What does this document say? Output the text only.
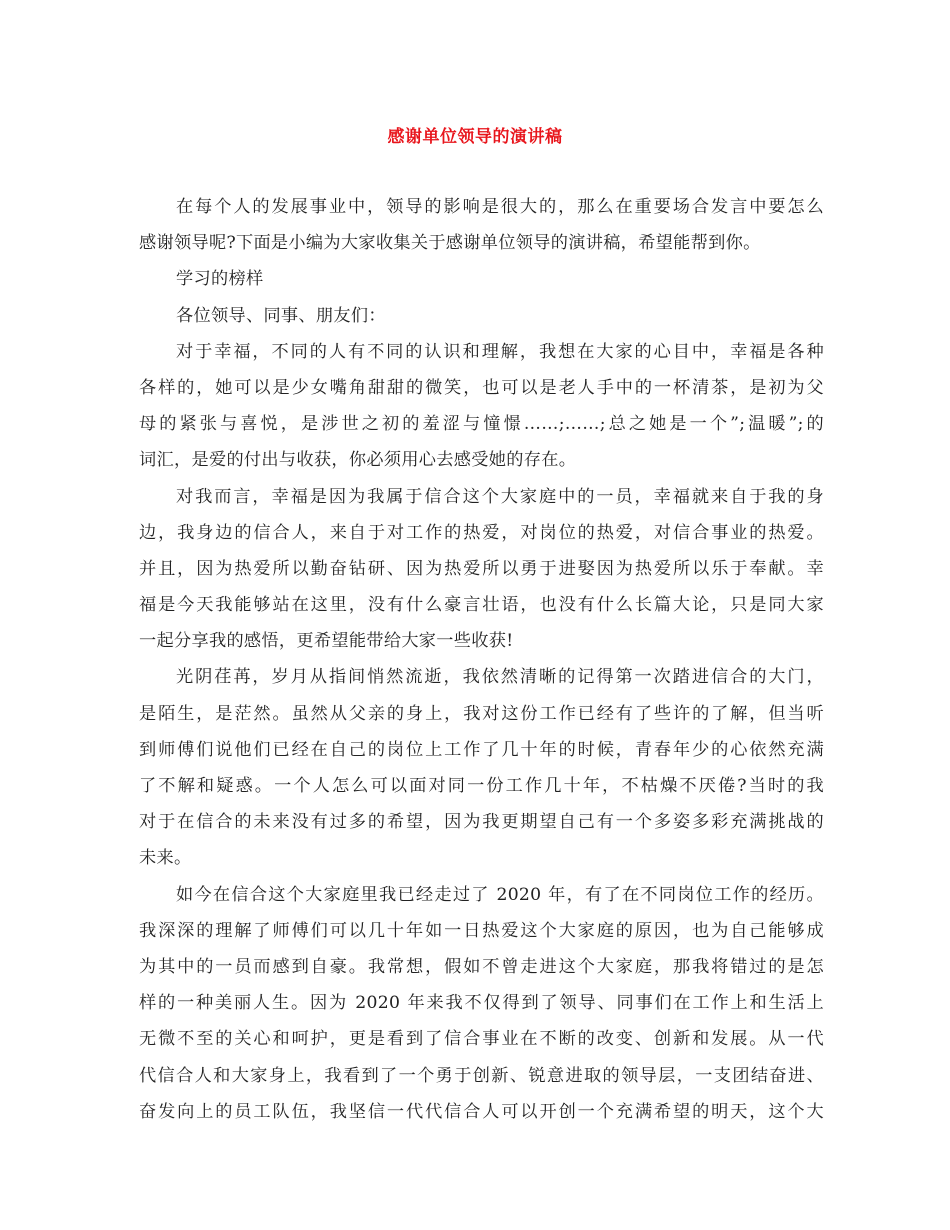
感谢单位领导的演讲稿
在每个人的发展事业中，领导的影响是很大的，那么在重要场合发言中要怎么
感谢领导呢?下面是小编为大家收集关于感谢单位领导的演讲稿，希望能帮到你。
学习的榜样
各位领导、同事、朋友们：
对于幸福，不同的人有不同的认识和理解，我想在大家的心目中，幸福是各种
各样的，她可以是少女嘴角甜甜的微笑，也可以是老人手中的一杯清茶，是初为父
母的紧张与喜悦，是涉世之初的羞涩与憧憬……;……;总之她是一个”;温暖”;的
词汇，是爱的付出与收获，你必须用心去感受她的存在。
对我而言，幸福是因为我属于信合这个大家庭中的一员，幸福就来自于我的身
边，我身边的信合人，来自于对工作的热爱，对岗位的热爱，对信合事业的热爱。
并且，因为热爱所以勤奋钻研、因为热爱所以勇于进娶因为热爱所以乐于奉献。幸
福是今天我能够站在这里，没有什么豪言壮语，也没有什么长篇大论，只是同大家
一起分享我的感悟，更希望能带给大家一些收获!
光阴荏苒，岁月从指间悄然流逝，我依然清晰的记得第一次踏进信合的大门，
是陌生，是茫然。虽然从父亲的身上，我对这份工作已经有了些许的了解，但当听
到师傅们说他们已经在自己的岗位上工作了几十年的时候，青春年少的心依然充满
了不解和疑惑。一个人怎么可以面对同一份工作几十年，不枯燥不厌倦?当时的我
对于在信合的未来没有过多的希望，因为我更期望自己有一个多姿多彩充满挑战的
未来。
如今在信合这个大家庭里我已经走过了 2020 年，有了在不同岗位工作的经历。
我深深的理解了师傅们可以几十年如一日热爱这个大家庭的原因，也为自己能够成
为其中的一员而感到自豪。我常想，假如不曾走进这个大家庭，那我将错过的是怎
样的一种美丽人生。因为 2020 年来我不仅得到了领导、同事们在工作上和生活上
无微不至的关心和呵护，更是看到了信合事业在不断的改变、创新和发展。从一代
代信合人和大家身上，我看到了一个勇于创新、锐意进取的领导层，一支团结奋进、
奋发向上的员工队伍，我坚信一代代信合人可以开创一个充满希望的明天，这个大
